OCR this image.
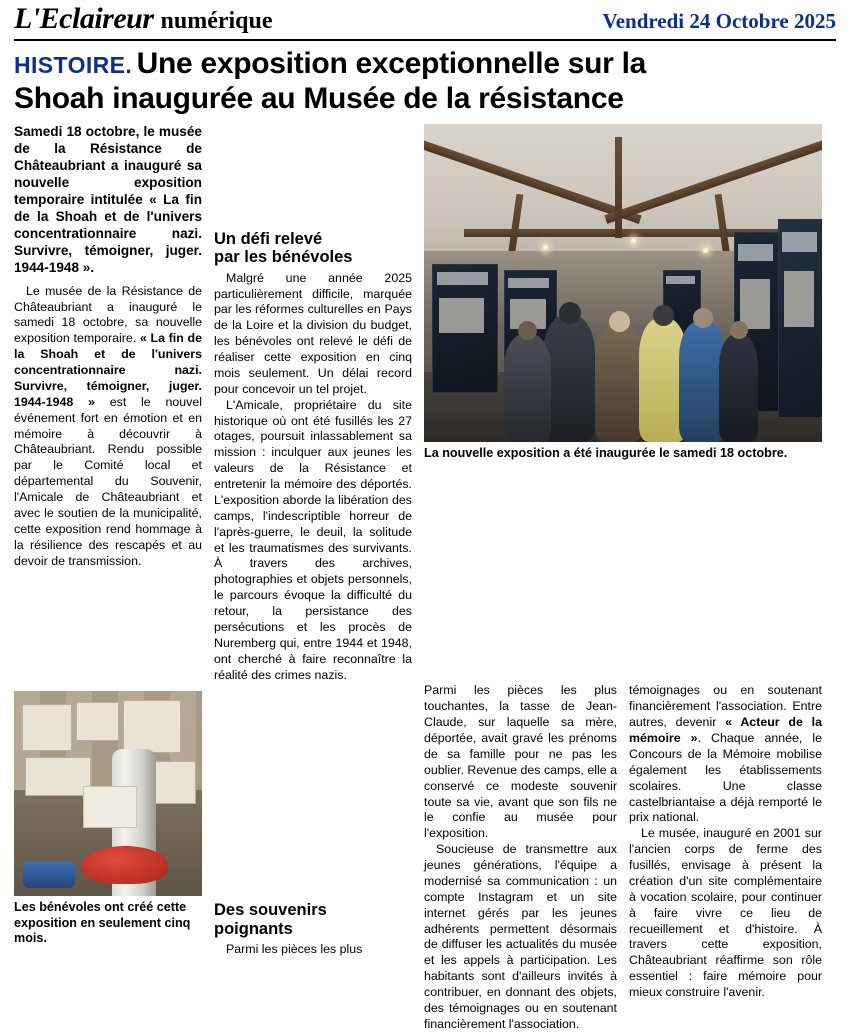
L'Eclaireur numérique	Vendredi 24 Octobre 2025
HISTOIRE. Une exposition exceptionnelle sur la
Shoah inaugurée au Musée de la résistance

Samedi 18 octobre, le musée de la Résistance de Châteaubriant a inauguré sa nouvelle exposition temporaire intitulée « La fin de la Shoah et de l'univers concentrationnaire nazi. Survivre, témoigner, juger. 1944-1948 ».

Le musée de la Résistance de Châteaubriant a inauguré le samedi 18 octobre, sa nouvelle exposition temporaire. « La fin de la Shoah et de l'univers concentrationnaire nazi. Survivre, témoigner, juger. 1944-1948 » est le nouvel événement fort en émotion et en mémoire à découvrir à Châteaubriant. Rendu possible par le Comité local et départemental du Souvenir, l'Amicale de Châteaubriant et avec le soutien de la municipalité, cette exposition rend hommage à la résilience des rescapés et au devoir de transmission.

Un défi relevé
par les bénévoles

Malgré une année 2025 particulièrement difficile, marquée par les réformes culturelles en Pays de la Loire et la division du budget, les bénévoles ont relevé le défi de réaliser cette exposition en cinq mois seulement. Un délai record pour concevoir un tel projet.

L'Amicale, propriétaire du site historique où ont été fusillés les 27 otages, poursuit inlassablement sa mission : inculquer aux jeunes les valeurs de la Résistance et entretenir la mémoire des déportés. L'exposition aborde la libération des camps, l'indescriptible horreur de l'après-guerre, le deuil, la solitude et les traumatismes des survivants. À travers des archives, photographies et objets personnels, le parcours évoque la difficulté du retour, la persistance des persécutions et les procès de Nuremberg qui, entre 1944 et 1948, ont cherché à faire reconnaître la réalité des crimes nazis.

La nouvelle exposition a été inaugurée le samedi 18 octobre.
Les bénévoles ont créé cette exposition en seulement cinq mois.
Des souvenirs
poignants

Parmi les pièces les plus

Parmi les pièces les plus touchantes, la tasse de Jean-Claude, sur laquelle sa mère, déportée, avait gravé les prénoms de sa famille pour ne pas les oublier. Revenue des camps, elle a conservé ce modeste souvenir toute sa vie, avant que son fils ne le confie au musée pour l'exposition.

Soucieuse de transmettre aux jeunes générations, l'équipe a modernisé sa communication : un compte Instagram et un site internet gérés par les jeunes adhérents permettent désormais de diffuser les actualités du musée et les appels à participation. Les habitants sont d'ailleurs invités à contribuer, en donnant des objets, des témoignages ou en soutenant financièrement l'association.

témoignages ou en soutenant financièrement l'association. Entre autres, devenir « Acteur de la mémoire ». Chaque année, le Concours de la Mémoire mobilise également les établissements scolaires. Une classe castelbriantaise a déjà remporté le prix national.

Le musée, inauguré en 2001 sur l'ancien corps de ferme des fusillés, envisage à présent la création d'un site complémentaire à vocation scolaire, pour continuer à faire vivre ce lieu de recueillement et d'histoire. À travers cette exposition, Châteaubriant réaffirme son rôle essentiel : faire mémoire pour mieux construire l'avenir.
